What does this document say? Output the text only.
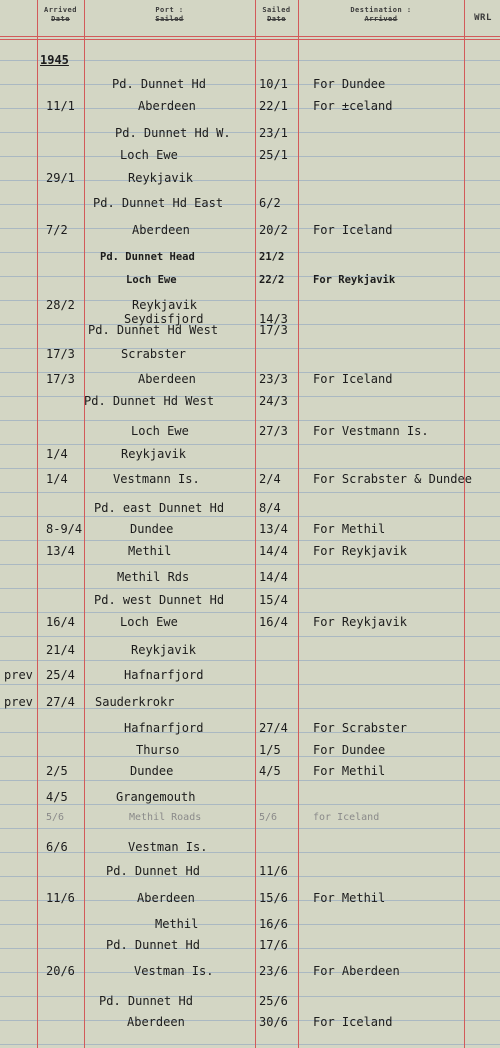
Arrived
Date
Port :
Sailed
Sailed
Date
Destination :
Arrived	WRL
1945
Pd. Dunnet Hd	10/1 For Dundee
11/1	Aberdeen	22/1 For ±celand
Pd. Dunnet Hd W. 23/1
Loch Ewe	25/1
29/1	Reykjavik
Pd. Dunnet Hd East	6/2
7/2	Aberdeen	20/2 For Iceland
Pd. Dunnet Head	21/2
Loch Ewe	22/2	For Reykjavik
28/2	Reykjavik
Seydisfjord	14/3
Pd. Dunnet Hd West	17/3
17/3	Scrabster
17/3	Aberdeen	23/3 For Iceland
Pd. Dunnet Hd West	24/3
Loch Ewe	27/3 For Vestmann Is.
1/4	Reykjavik
1/4	Vestmann Is.	2/4	For Scrabster & Dundee
Pd. east Dunnet Hd	8/4
8-9/4	Dundee	13/4 For Methil
13/4	Methil	14/4 For Reykjavik
Methil Rds	14/4
Pd. west Dunnet Hd	15/4
16/4	Loch Ewe	16/4 For Reykjavik
21/4	Reykjavik
prev 25/4	Hafnarfjord
prev 27/4 Sauderkrokr
Hafnarfjord	27/4 For Scrabster
Thurso	1/5	For Dundee
2/5	Dundee	4/5	For Methil
4/5	Grangemouth
5/6	Methil Roads	5/6	for Iceland
6/6	Vestman Is.
Pd. Dunnet Hd	11/6
11/6	Aberdeen	15/6 For Methil
Methil	16/6
Pd. Dunnet Hd	17/6
20/6	Vestman Is.	23/6 For Aberdeen
Pd. Dunnet Hd	25/6
Aberdeen	30/6 For Iceland
